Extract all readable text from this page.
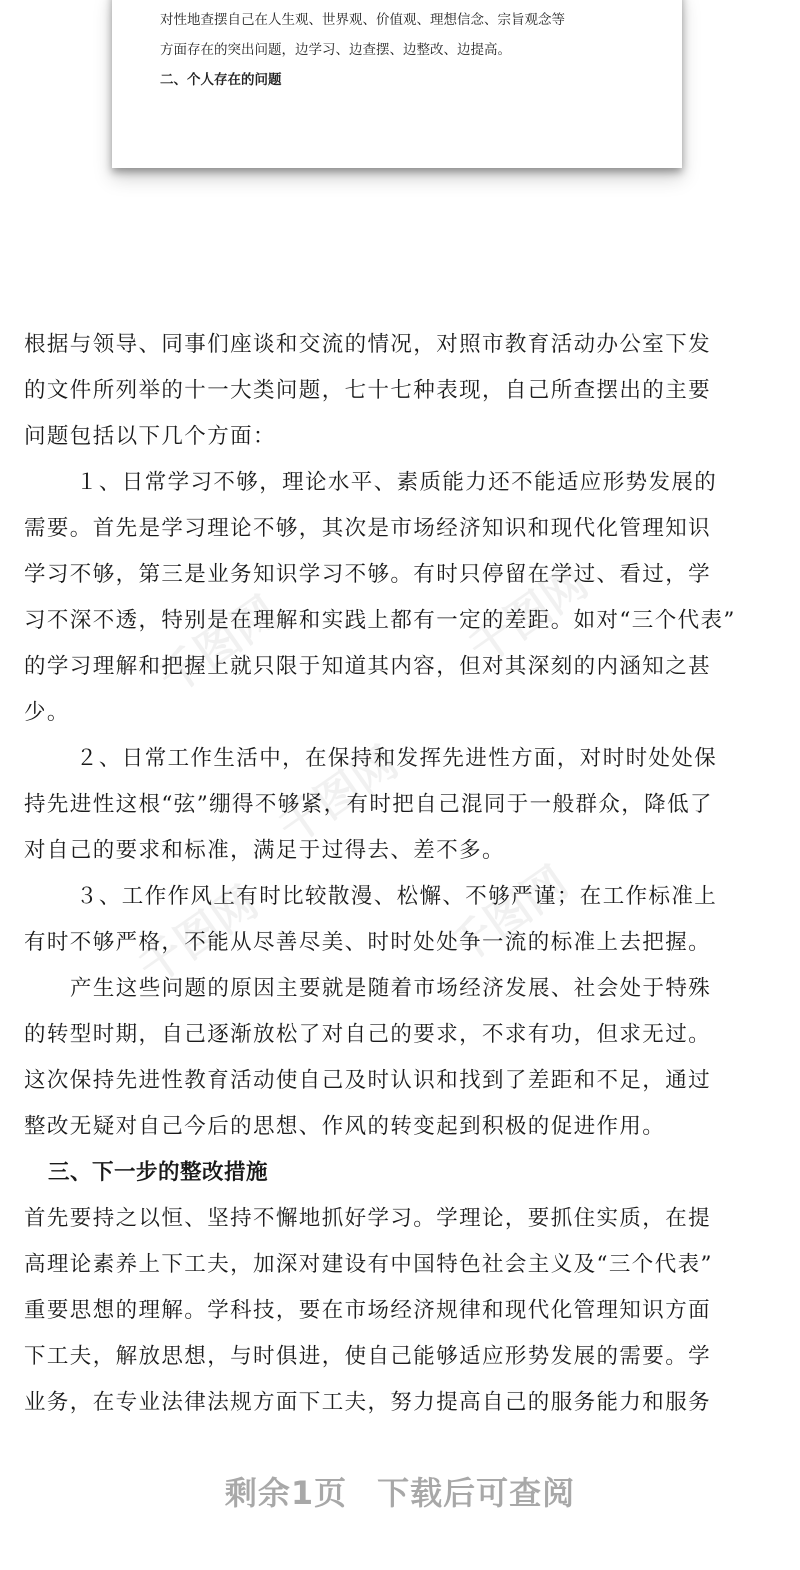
对性地查摆自己在人生观、世界观、价值观、理想信念、宗旨观念等
方面存在的突出问题，边学习、边查摆、边整改、边提高。
二、个人存在的问题
千图网	千图网
千图网
千图网	千图网
根据与领导、同事们座谈和交流的情况，对照市教育活动办公室下发
的文件所列举的十一大类问题，七十七种表现，自己所查摆出的主要
问题包括以下几个方面：
１、日常学习不够，理论水平、素质能力还不能适应形势发展的
需要。首先是学习理论不够，其次是市场经济知识和现代化管理知识
学习不够，第三是业务知识学习不够。有时只停留在学过、看过，学
习不深不透，特别是在理解和实践上都有一定的差距。如对“三个代表”
的学习理解和把握上就只限于知道其内容，但对其深刻的内涵知之甚
少。
２、日常工作生活中，在保持和发挥先进性方面，对时时处处保
持先进性这根“弦”绷得不够紧，有时把自己混同于一般群众，降低了
对自己的要求和标准，满足于过得去、差不多。
３、工作作风上有时比较散漫、松懈、不够严谨；在工作标准上
有时不够严格，不能从尽善尽美、时时处处争一流的标准上去把握。
产生这些问题的原因主要就是随着市场经济发展、社会处于特殊
的转型时期，自己逐渐放松了对自己的要求，不求有功，但求无过。
这次保持先进性教育活动使自己及时认识和找到了差距和不足，通过
整改无疑对自己今后的思想、作风的转变起到积极的促进作用。
三、下一步的整改措施
首先要持之以恒、坚持不懈地抓好学习。学理论，要抓住实质，在提
高理论素养上下工夫，加深对建设有中国特色社会主义及“三个代表”
重要思想的理解。学科技，要在市场经济规律和现代化管理知识方面
下工夫，解放思想，与时俱进，使自己能够适应形势发展的需要。学
业务，在专业法律法规方面下工夫，努力提高自己的服务能力和服务
剩余1页 下载后可查阅
